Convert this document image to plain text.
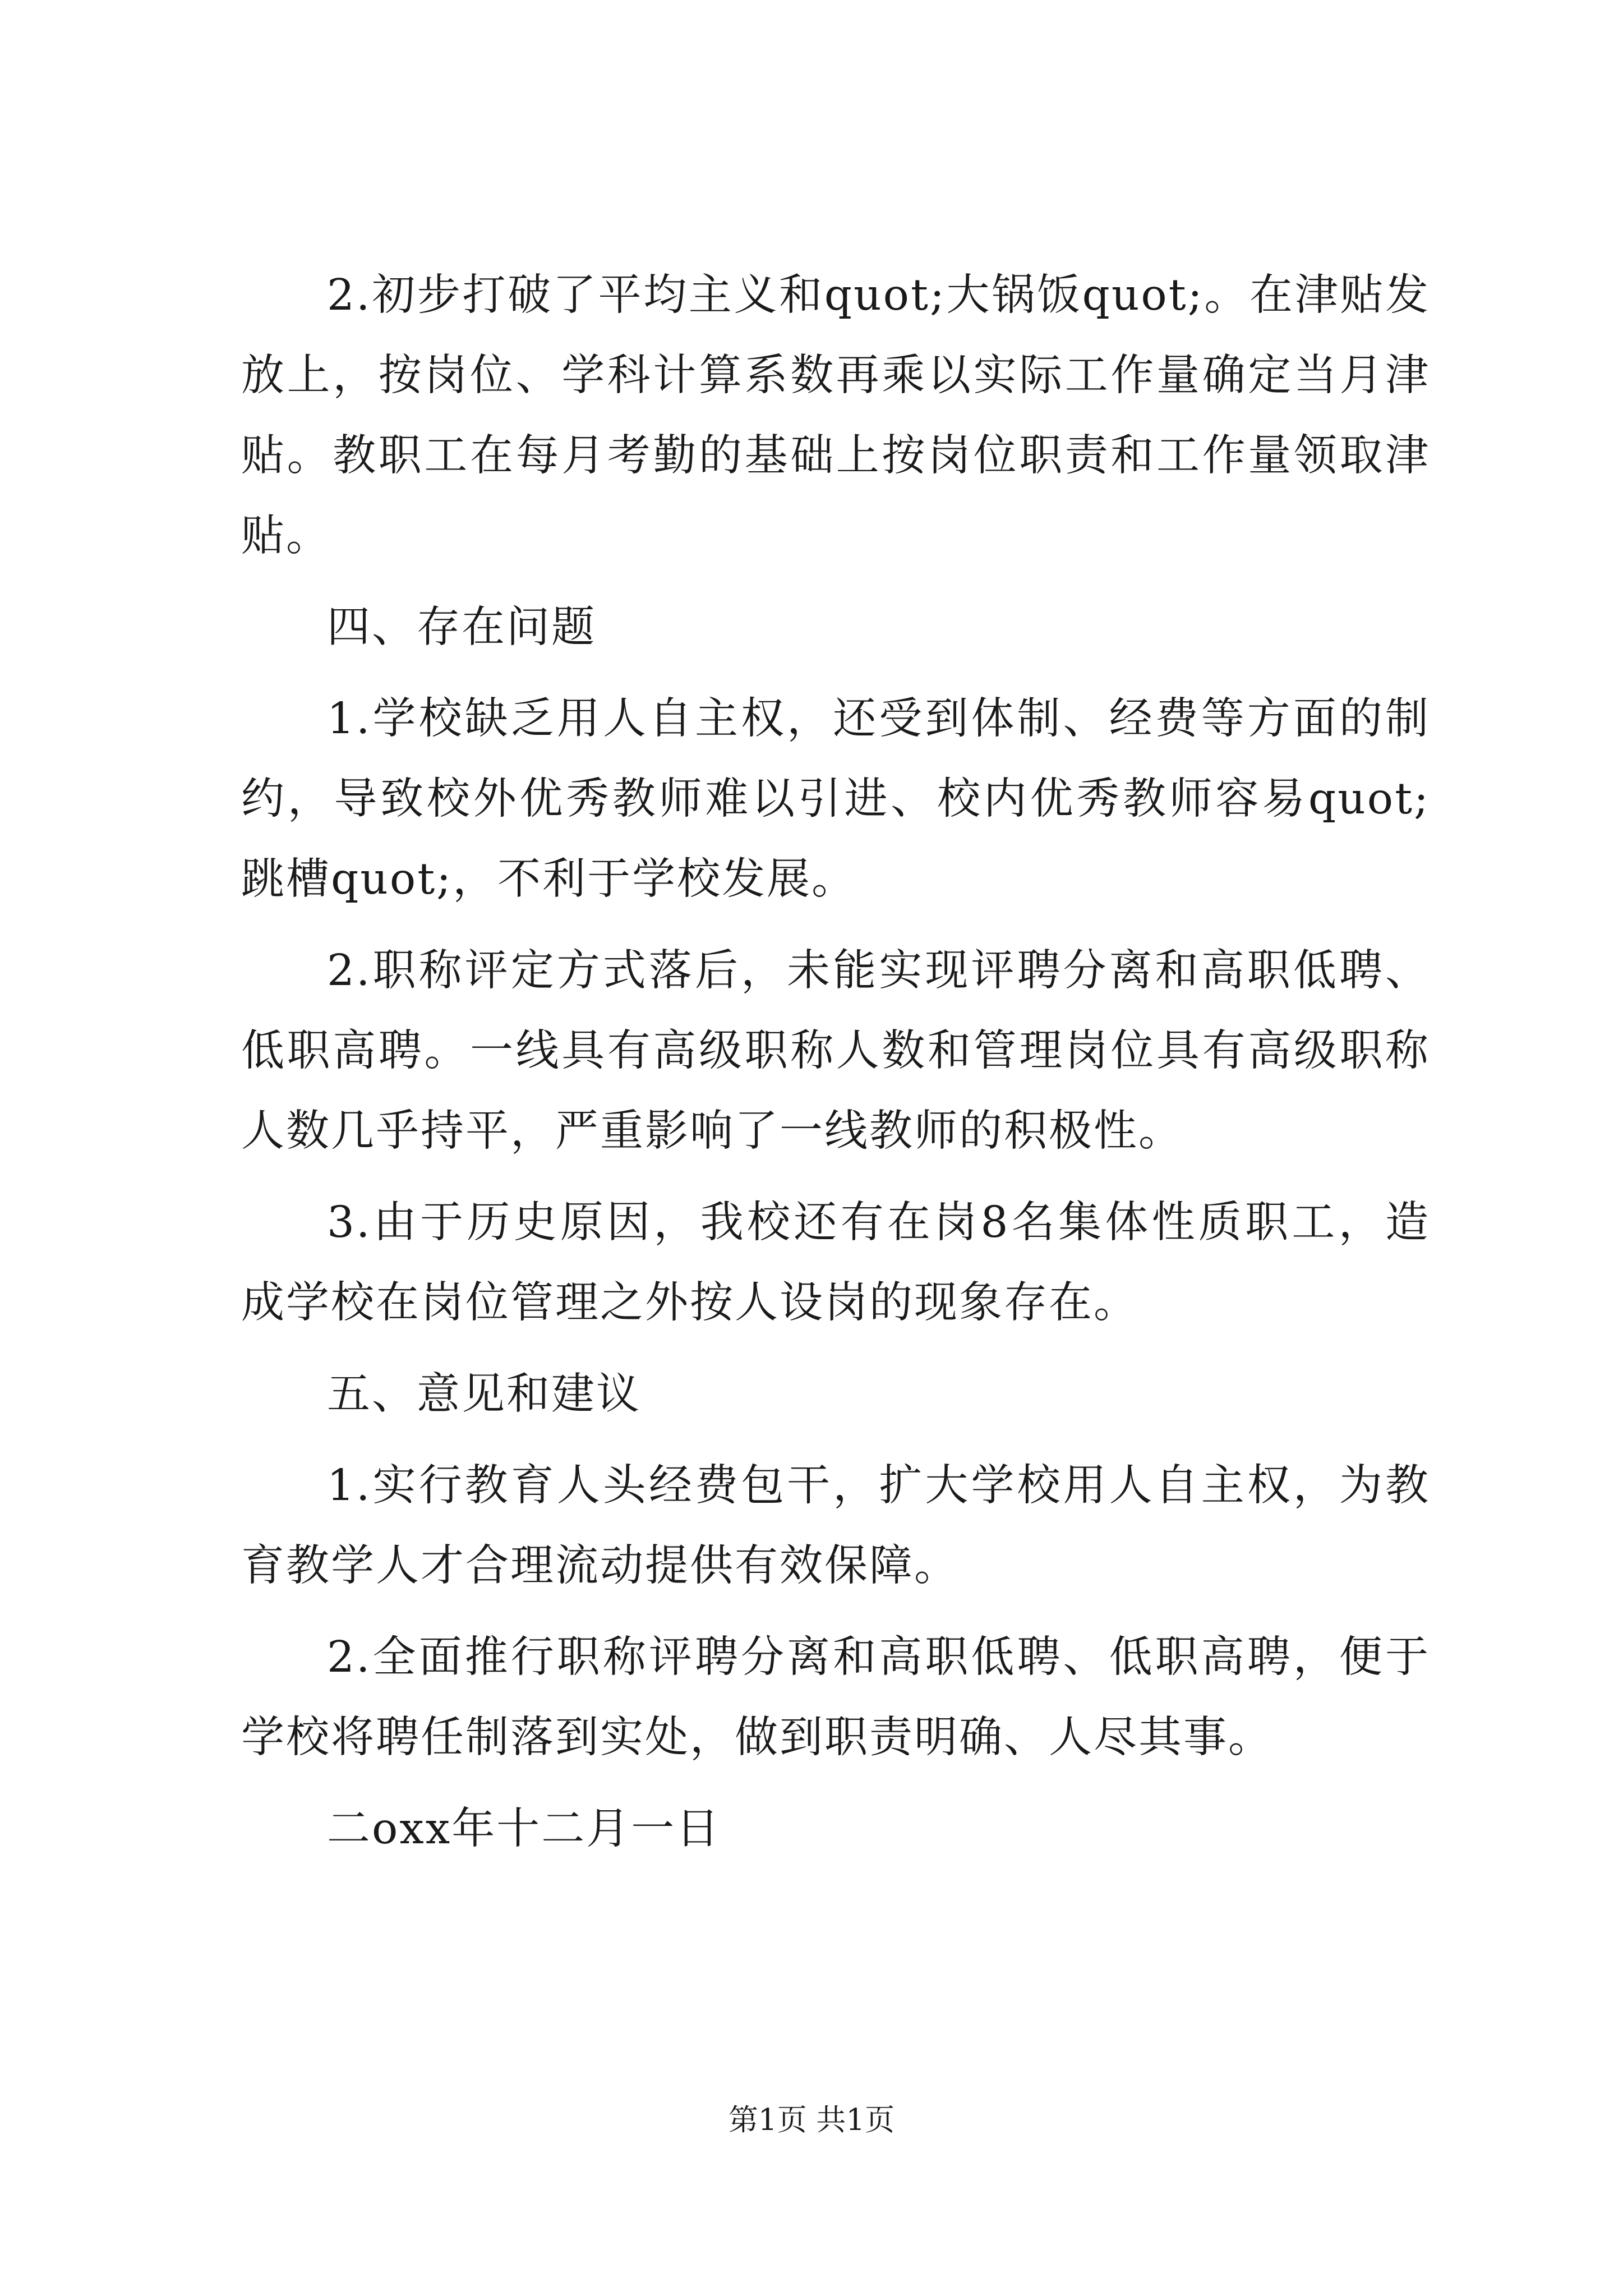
2.初步打破了平均主义和quot;大锅饭quot;。在津贴发放上，按岗位、学科计算系数再乘以实际工作量确定当月津贴。教职工在每月考勤的基础上按岗位职责和工作量领取津贴。

四、存在问题

1.学校缺乏用人自主权，还受到体制、经费等方面的制约，导致校外优秀教师难以引进、校内优秀教师容易quot;跳槽quot;，不利于学校发展。

2.职称评定方式落后，未能实现评聘分离和高职低聘、低职高聘。一线具有高级职称人数和管理岗位具有高级职称人数几乎持平，严重影响了一线教师的积极性。

3.由于历史原因，我校还有在岗8名集体性质职工，造成学校在岗位管理之外按人设岗的现象存在。

五、意见和建议

1.实行教育人头经费包干，扩大学校用人自主权，为教育教学人才合理流动提供有效保障。

2.全面推行职称评聘分离和高职低聘、低职高聘，便于学校将聘任制落到实处，做到职责明确、人尽其事。

二oxx年十二月一日

第1页 共1页
